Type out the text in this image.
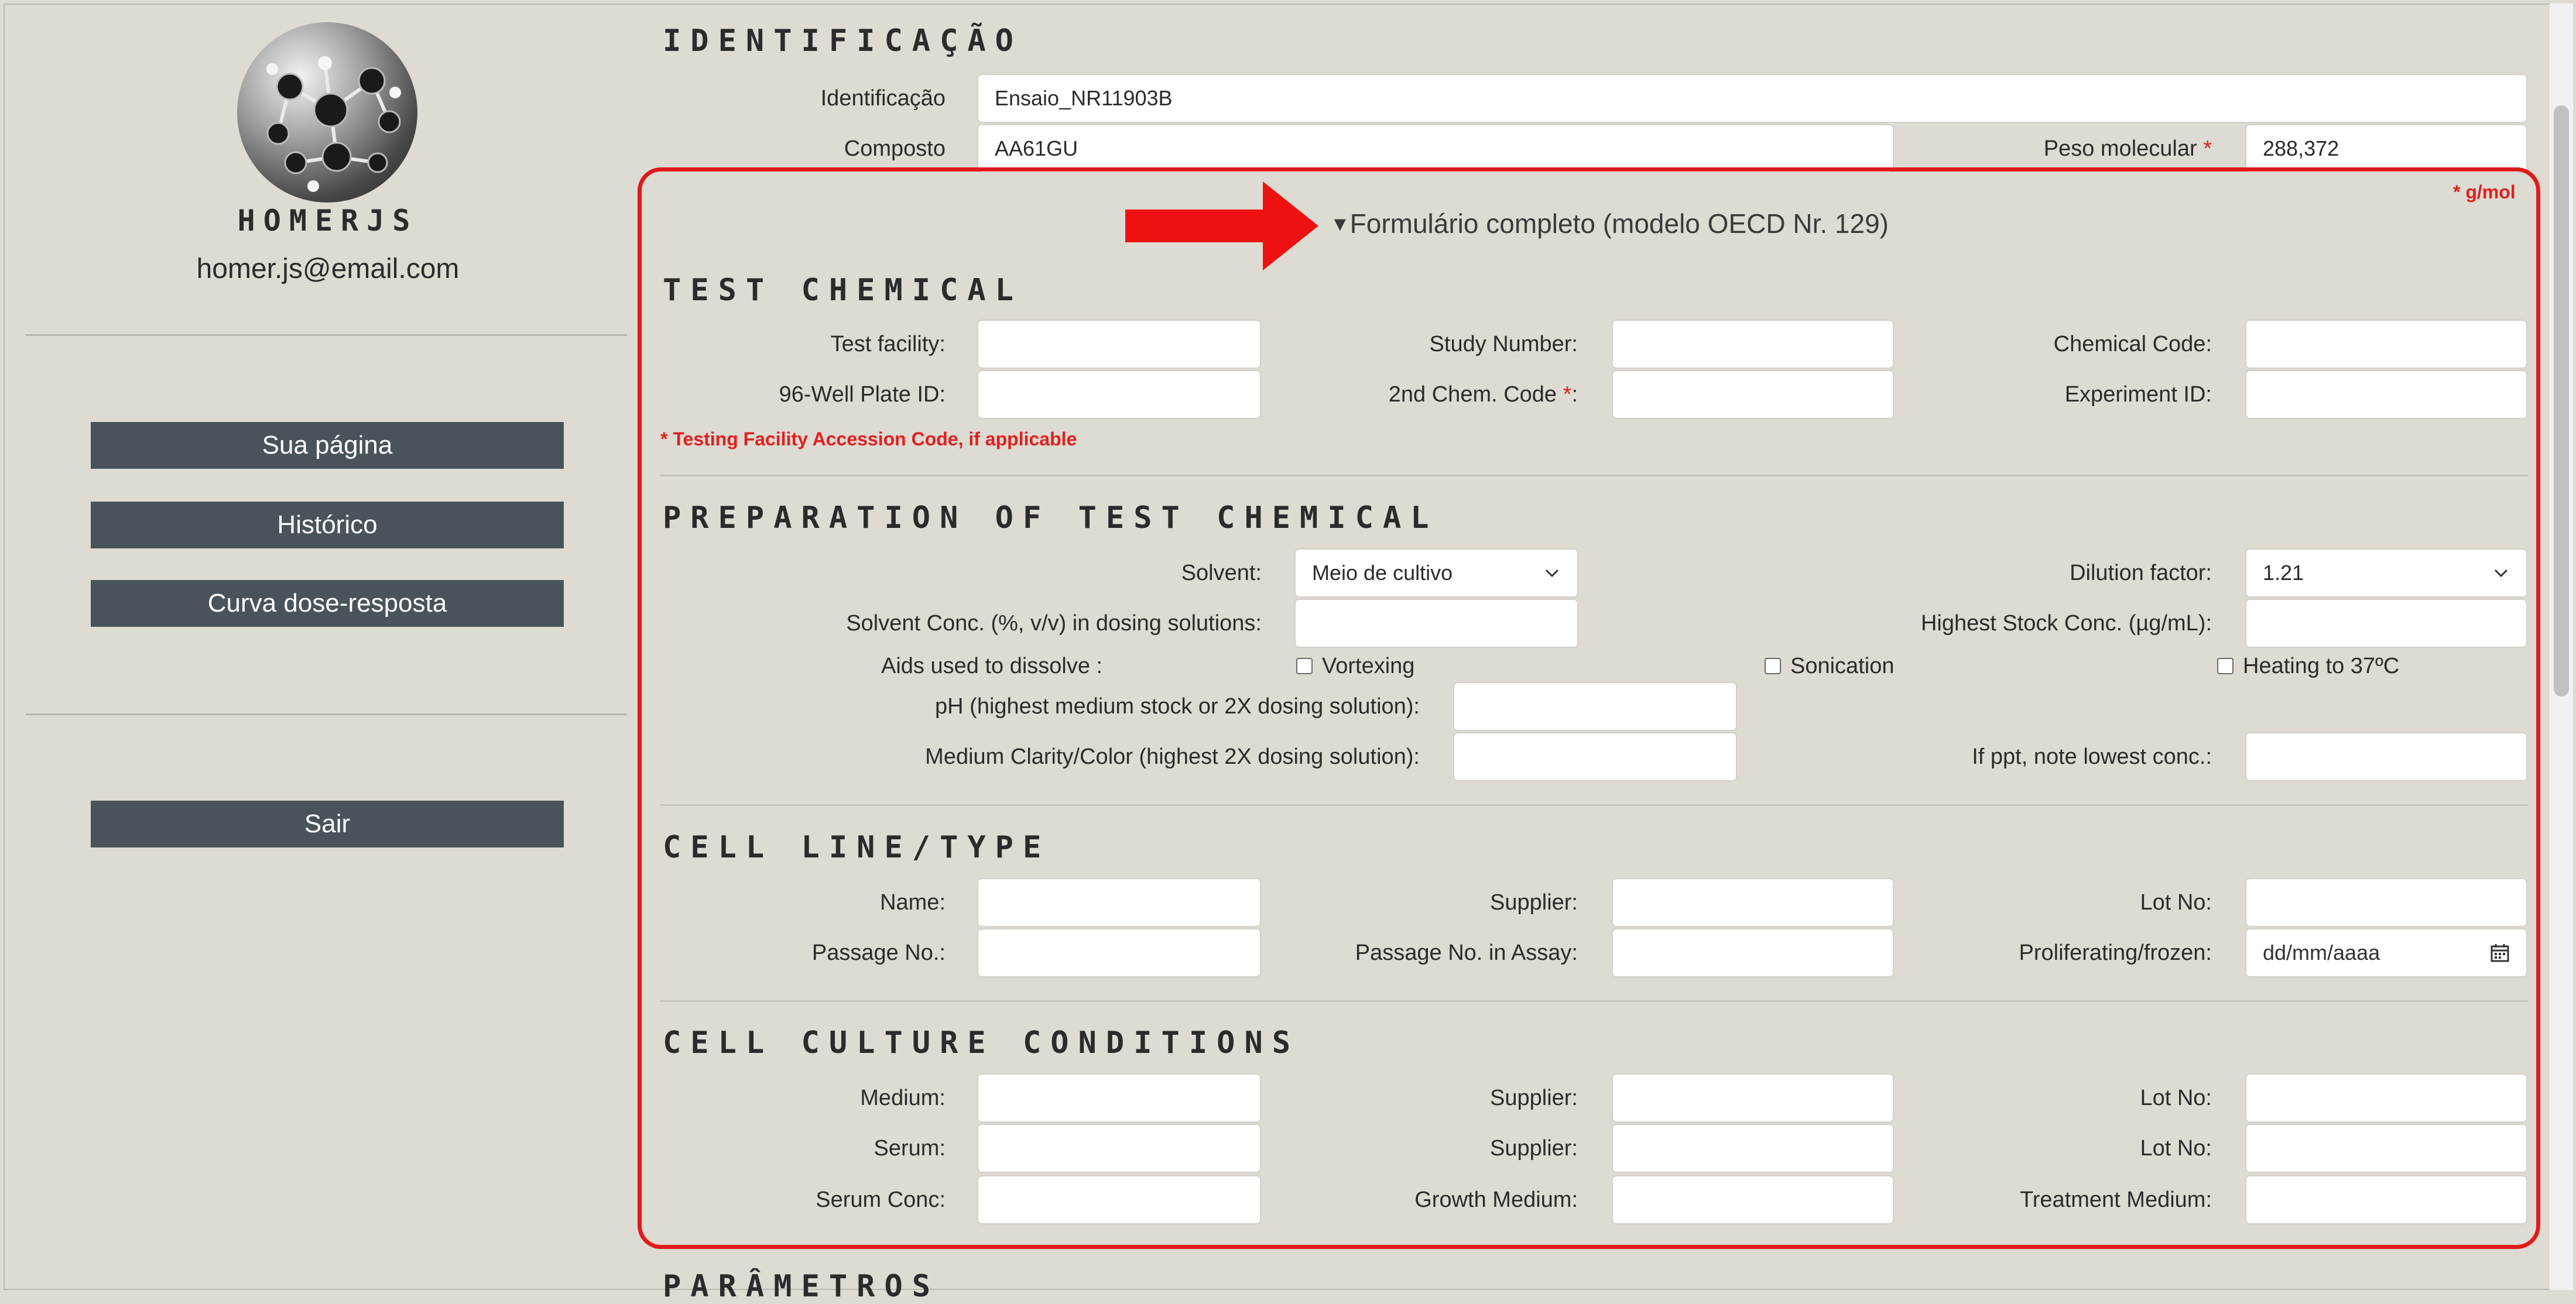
HOMERJS
homer.js@email.com
Sua página
Histórico
Curva dose-resposta
Sair
IDENTIFICAÇÃO
Identificação	Ensaio_NR11903B
Composto	AA61GU	Peso molecular *	288,372
* g/mol
▼Formulário completo (modelo OECD Nr. 129)
TEST CHEMICAL
Test facility:	Study Number:	Chemical Code:
96-Well Plate ID:	2nd Chem. Code *:	Experiment ID:
* Testing Facility Accession Code, if applicable
PREPARATION OF TEST CHEMICAL
Solvent: Meio de cultivo	Dilution factor: 1.21
Solvent Conc. (%, v/v) in dosing solutions:	Highest Stock Conc. (µg/mL):
Aids used to dissolve :	Vortexing	Sonication	Heating to 37ºC
pH (highest medium stock or 2X dosing solution):
Medium Clarity/Color (highest 2X dosing solution):	If ppt, note lowest conc.:
CELL LINE/TYPE
Name:	Supplier:	Lot No:
Passage No.:	Passage No. in Assay:	Proliferating/frozen: dd/mm/aaaa
CELL CULTURE CONDITIONS
Medium:	Supplier:	Lot No:
Serum:	Supplier:	Lot No:
Serum Conc:	Growth Medium:	Treatment Medium:
PARÂMETROS
